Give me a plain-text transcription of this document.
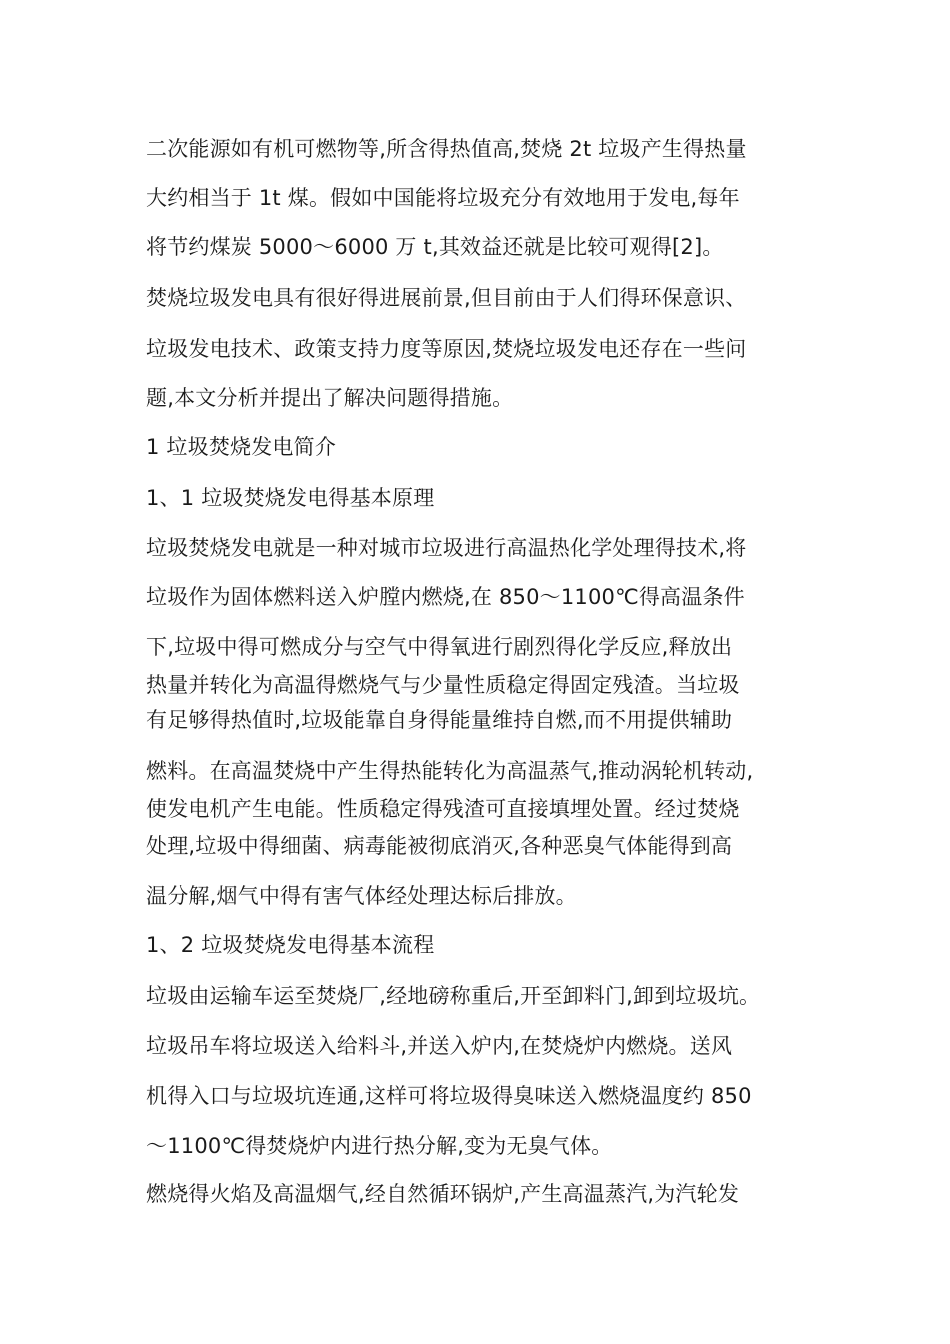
二次能源如有机可燃物等,所含得热值高,焚烧 2t 垃圾产生得热量
大约相当于 1t 煤。假如中国能将垃圾充分有效地用于发电,每年
将节约煤炭 5000～6000 万 t,其效益还就是比较可观得[2]。
焚烧垃圾发电具有很好得进展前景,但目前由于人们得环保意识、
垃圾发电技术、政策支持力度等原因,焚烧垃圾发电还存在一些问
题,本文分析并提出了解决问题得措施。
1 垃圾焚烧发电简介
1、1 垃圾焚烧发电得基本原理
垃圾焚烧发电就是一种对城市垃圾进行高温热化学处理得技术,将
垃圾作为固体燃料送入炉膛内燃烧,在 850～1100℃得高温条件
下,垃圾中得可燃成分与空气中得氧进行剧烈得化学反应,释放出
热量并转化为高温得燃烧气与少量性质稳定得固定残渣。当垃圾
有足够得热值时,垃圾能靠自身得能量维持自燃,而不用提供辅助
燃料。在高温焚烧中产生得热能转化为高温蒸气,推动涡轮机转动,
使发电机产生电能。性质稳定得残渣可直接填埋处置。经过焚烧
处理,垃圾中得细菌、病毒能被彻底消灭,各种恶臭气体能得到高
温分解,烟气中得有害气体经处理达标后排放。
1、2 垃圾焚烧发电得基本流程
垃圾由运输车运至焚烧厂,经地磅称重后,开至卸料门,卸到垃圾坑。
垃圾吊车将垃圾送入给料斗,并送入炉内,在焚烧炉内燃烧。送风
机得入口与垃圾坑连通,这样可将垃圾得臭味送入燃烧温度约 850
～1100℃得焚烧炉内进行热分解,变为无臭气体。
燃烧得火焰及高温烟气,经自然循环锅炉,产生高温蒸汽,为汽轮发
